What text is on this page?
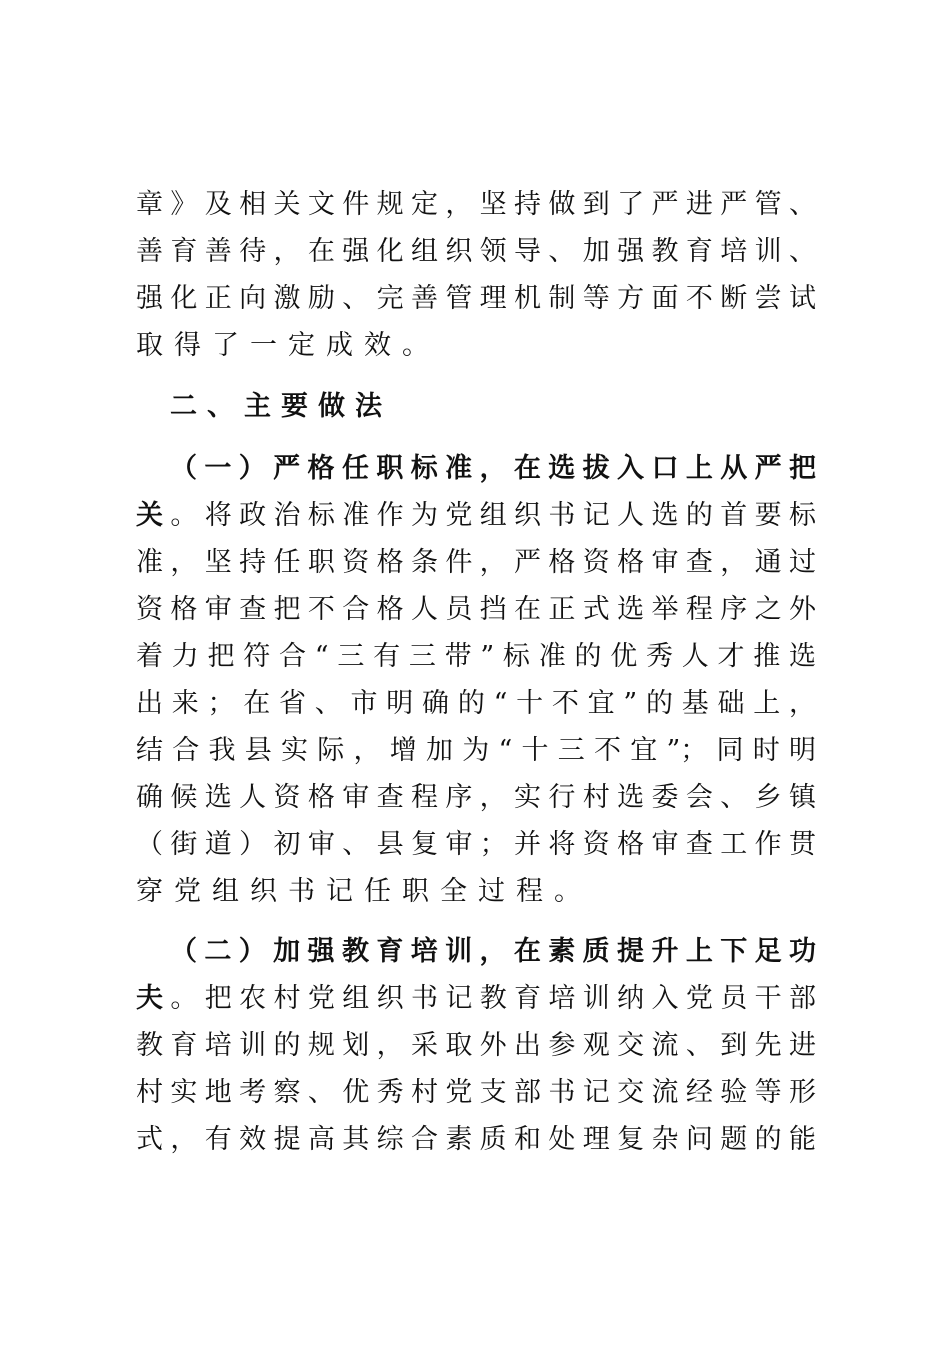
章》及相关文件规定，坚持做到了严进严管、
善育善待，在强化组织领导、加强教育培训、
强化正向激励、完善管理机制等方面不断尝试
取得了一定成效。
二、主要做法
（一）严格任职标准，在选拔入口上从严把
关。将政治标准作为党组织书记人选的首要标
准，坚持任职资格条件，严格资格审查，通过
资格审查把不合格人员挡在正式选举程序之外
着力把符合“三有三带”标准的优秀人才推选
出来；在省、市明确的“十不宜”的基础上，
结合我县实际，增加为“十三不宜”；同时明
确候选人资格审查程序，实行村选委会、乡镇
（街道）初审、县复审；并将资格审查工作贯
穿党组织书记任职全过程。
（二）加强教育培训，在素质提升上下足功
夫。把农村党组织书记教育培训纳入党员干部
教育培训的规划，采取外出参观交流、到先进
村实地考察、优秀村党支部书记交流经验等形
式，有效提高其综合素质和处理复杂问题的能
